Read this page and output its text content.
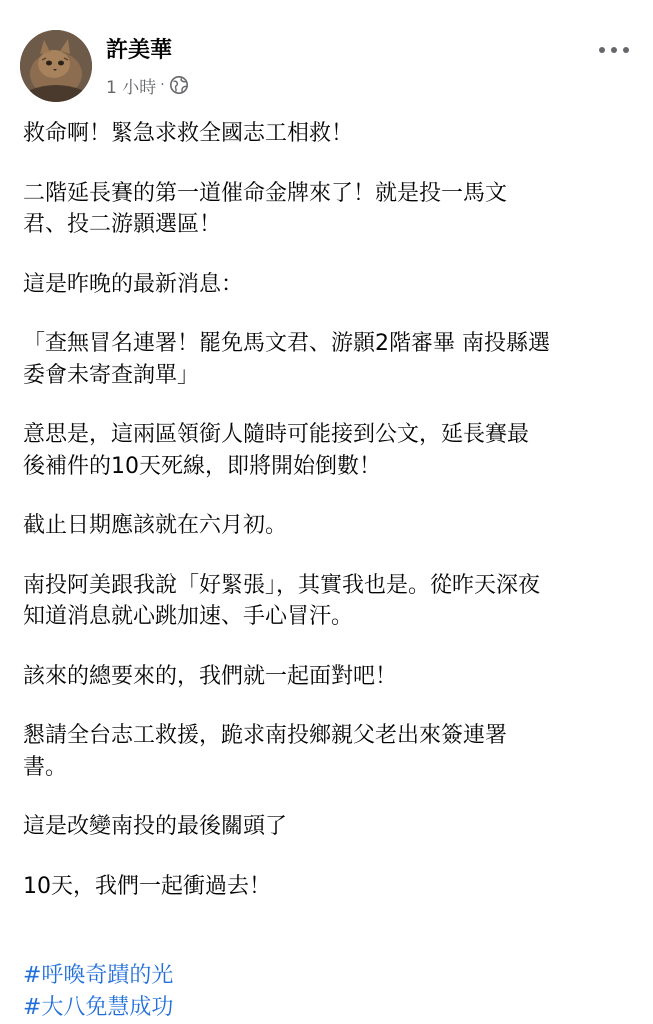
許美華
1 小時 ·

救命啊！緊急求救全國志工相救！

二階延長賽的第一道催命金牌來了！就是投一馬文
君、投二游顥選區！

這是昨晚的最新消息：

「查無冒名連署！罷免馬文君、游顥2階審畢 南投縣選
委會未寄查詢單」

意思是，這兩區領銜人隨時可能接到公文，延長賽最
後補件的10天死線，即將開始倒數！

截止日期應該就在六月初。

南投阿美跟我說「好緊張」，其實我也是。從昨天深夜
知道消息就心跳加速、手心冒汗。

該來的總要來的，我們就一起面對吧！

懇請全台志工救援，跪求南投鄉親父老出來簽連署
書。

這是改變南投的最後關頭了

10天，我們一起衝過去！

#呼喚奇蹟的光
#大八免慧成功
